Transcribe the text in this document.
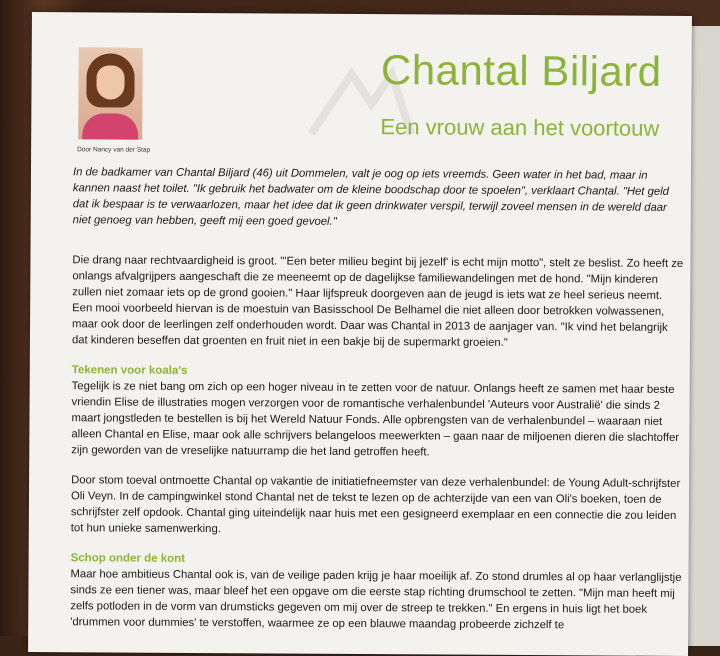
Door Nancy van der Stap
Chantal Biljard
Een vrouw aan het voortouw
In de badkamer van Chantal Biljard (46) uit Dommelen, valt je oog op iets vreemds. Geen water in het bad, maar in kannen naast het toilet. "Ik gebruik het badwater om de kleine boodschap door te spoelen", verklaart Chantal. "Het geld dat ik bespaar is te verwaarlozen, maar het idee dat ik geen drinkwater verspil, terwijl zoveel mensen in de wereld daar niet genoeg van hebben, geeft mij een goed gevoel."

Die drang naar rechtvaardigheid is groot. "'Een beter milieu begint bij jezelf' is echt mijn motto", stelt ze beslist. Zo heeft ze onlangs afvalgrijpers aangeschaft die ze meeneemt op de dagelijkse familiewandelingen met de hond. "Mijn kinderen zullen niet zomaar iets op de grond gooien." Haar lijfspreuk doorgeven aan de jeugd is iets wat ze heel serieus neemt. Een mooi voorbeeld hiervan is de moestuin van Basisschool De Belhamel die niet alleen door betrokken volwassenen, maar ook door de leerlingen zelf onderhouden wordt. Daar was Chantal in 2013 de aanjager van. "Ik vind het belangrijk dat kinderen beseffen dat groenten en fruit niet in een bakje bij de supermarkt groeien."

Tekenen voor koala's

Tegelijk is ze niet bang om zich op een hoger niveau in te zetten voor de natuur. Onlangs heeft ze samen met haar beste vriendin Elise de illustraties mogen verzorgen voor de romantische verhalenbundel 'Auteurs voor Australië' die sinds 2 maart jongstleden te bestellen is bij het Wereld Natuur Fonds. Alle opbrengsten van de verhalenbundel – waaraan niet alleen Chantal en Elise, maar ook alle schrijvers belangeloos meewerkten – gaan naar de miljoenen dieren die slachtoffer zijn geworden van de vreselijke natuurramp die het land getroffen heeft.

Door stom toeval ontmoette Chantal op vakantie de initiatiefneemster van deze verhalenbundel: de Young Adult-schrijfster Oli Veyn. In de campingwinkel stond Chantal net de tekst te lezen op de achterzijde van een van Oli's boeken, toen de schrijfster zelf opdook. Chantal ging uiteindelijk naar huis met een gesigneerd exemplaar en een connectie die zou leiden tot hun unieke samenwerking.

Schop onder de kont

Maar hoe ambitieus Chantal ook is, van de veilige paden krijg je haar moeilijk af. Zo stond drumles al op haar verlanglijstje sinds ze een tiener was, maar bleef het een opgave om die eerste stap richting drumschool te zetten. "Mijn man heeft mij zelfs potloden in de vorm van drumsticks gegeven om mij over de streep te trekken." En ergens in huis ligt het boek 'drummen voor dummies' te verstoffen, waarmee ze op een blauwe maandag probeerde zichzelf te
